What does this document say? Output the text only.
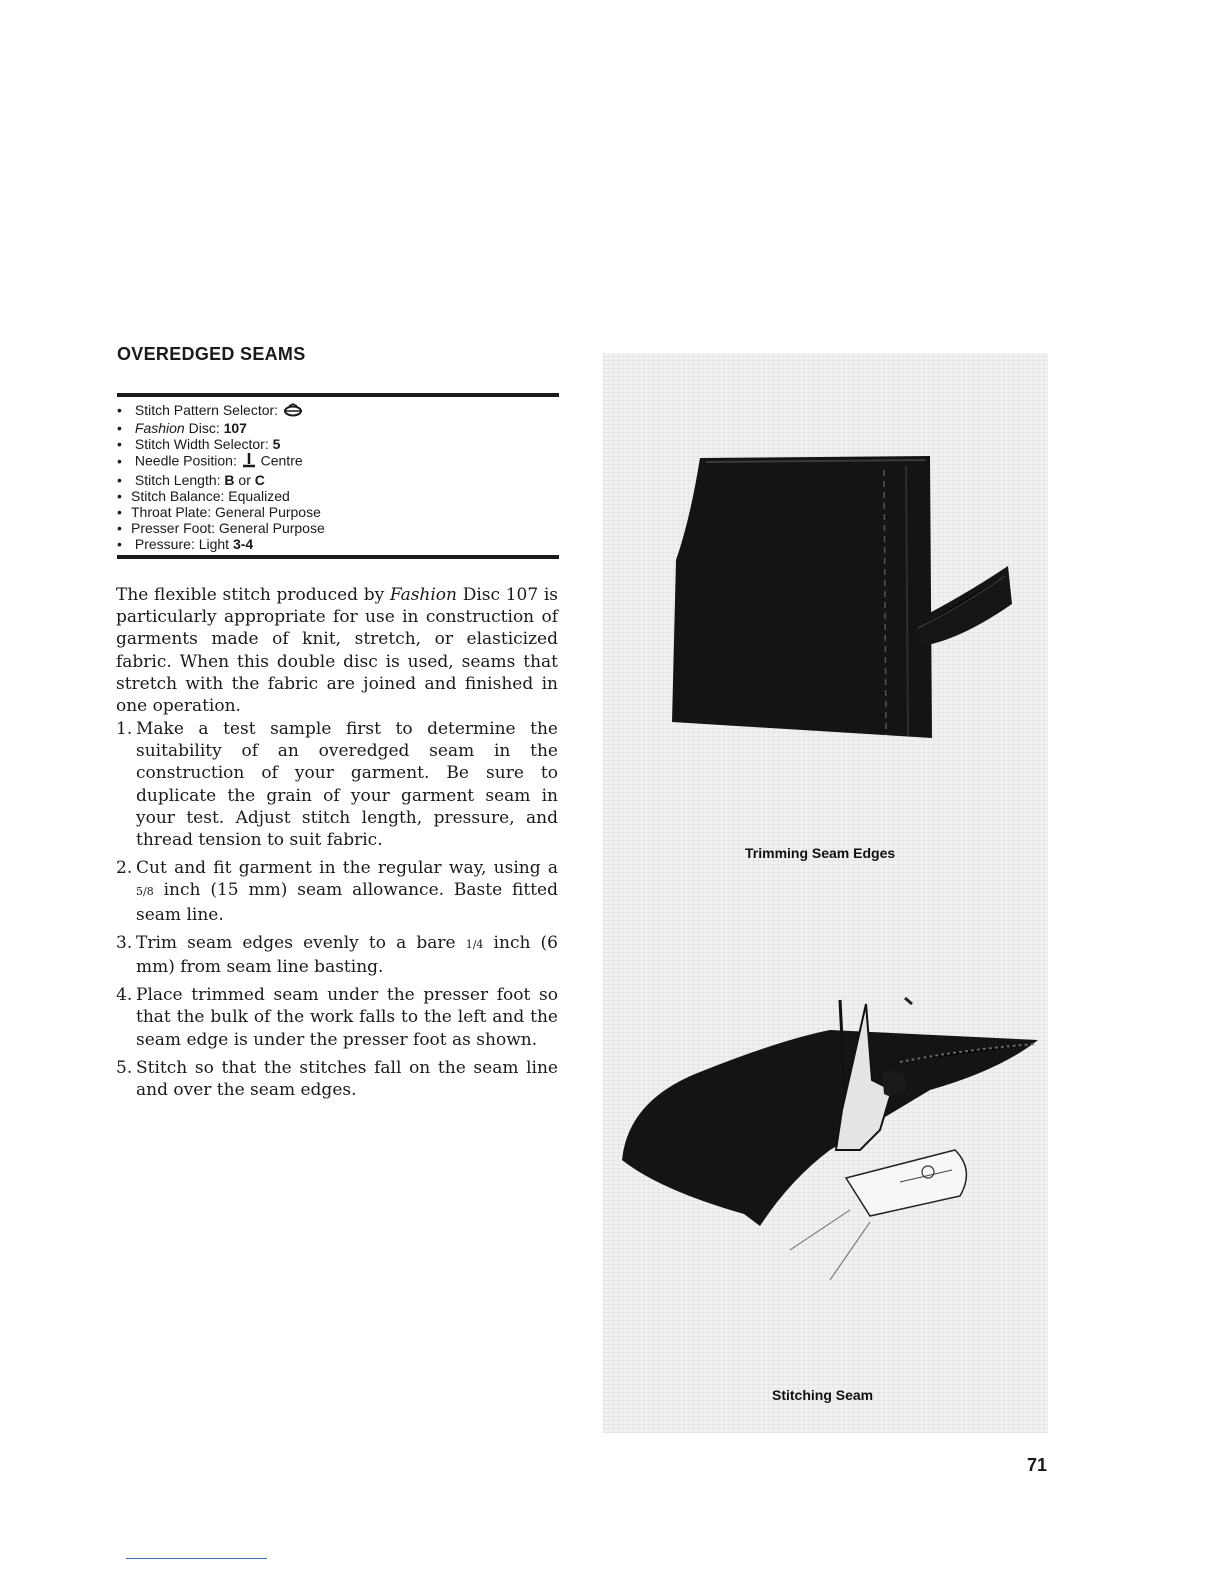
OVEREDGED SEAMS
• Stitch Pattern Selector:
• Fashion Disc: 107
• Stitch Width Selector: 5
• Needle Position: Centre
• Stitch Length: B or C
• Stitch Balance: Equalized
• Throat Plate: General Purpose
• Presser Foot: General Purpose
• Pressure: Light 3-4

The flexible stitch produced by Fashion Disc 107 is particularly appropriate for use in construction of garments made of knit, stretch, or elasticized fabric. When this double disc is used, seams that stretch with the fabric are joined and finished in one operation.

1. Make a test sample first to determine the suitability of an overedged seam in the construction of your garment. Be sure to duplicate the grain of your garment seam in your test. Adjust stitch length, pressure, and thread tension to suit fabric.
2. Cut and fit garment in the regular way, using a 5/8 inch (15 mm) seam allowance. Baste fitted seam line.
3. Trim seam edges evenly to a bare 1/4 inch (6 mm) from seam line basting.
4. Place trimmed seam under the presser foot so that the bulk of the work falls to the left and the seam edge is under the presser foot as shown.
5. Stitch so that the stitches fall on the seam line and over the seam edges.
Trimming Seam Edges
Stitching Seam
71
